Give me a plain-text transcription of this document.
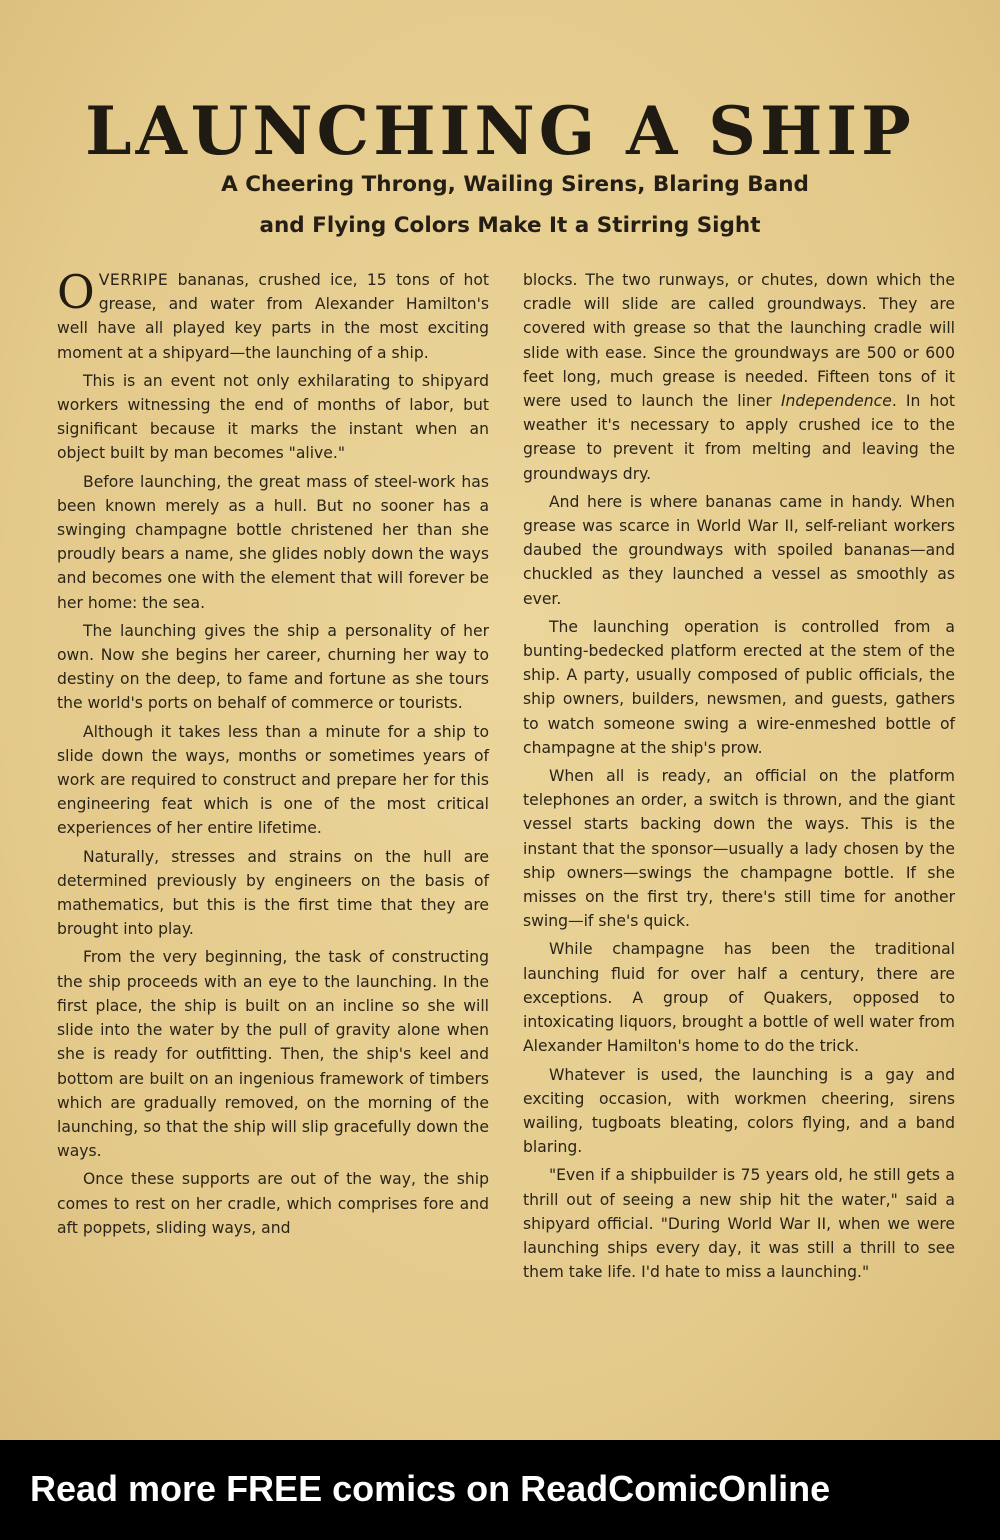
LAUNCHING A SHIP
A Cheering Throng, Wailing Sirens, Blaring Band
and Flying Colors Make It a Stirring Sight

OVERRIPE bananas, crushed ice, 15 tons of hot grease, and water from Alexander Hamilton's well have all played key parts in the most exciting moment at a shipyard—the launching of a ship.

This is an event not only exhilarating to shipyard workers witnessing the end of months of labor, but significant because it marks the instant when an object built by man becomes "alive."

Before launching, the great mass of steel-work has been known merely as a hull. But no sooner has a swinging champagne bottle christened her than she proudly bears a name, she glides nobly down the ways and becomes one with the element that will forever be her home: the sea.

The launching gives the ship a personality of her own. Now she begins her career, churning her way to destiny on the deep, to fame and fortune as she tours the world's ports on behalf of commerce or tourists.

Although it takes less than a minute for a ship to slide down the ways, months or sometimes years of work are required to construct and prepare her for this engineering feat which is one of the most critical experiences of her entire lifetime.

Naturally, stresses and strains on the hull are determined previously by engineers on the basis of mathematics, but this is the first time that they are brought into play.

From the very beginning, the task of constructing the ship proceeds with an eye to the launching. In the first place, the ship is built on an incline so she will slide into the water by the pull of gravity alone when she is ready for outfitting. Then, the ship's keel and bottom are built on an ingenious framework of timbers which are gradually removed, on the morning of the launching, so that the ship will slip gracefully down the ways.

Once these supports are out of the way, the ship comes to rest on her cradle, which comprises fore and aft poppets, sliding ways, and

blocks. The two runways, or chutes, down which the cradle will slide are called groundways. They are covered with grease so that the launching cradle will slide with ease. Since the groundways are 500 or 600 feet long, much grease is needed. Fifteen tons of it were used to launch the liner Independence. In hot weather it's necessary to apply crushed ice to the grease to prevent it from melting and leaving the groundways dry.

And here is where bananas came in handy. When grease was scarce in World War II, self-reliant workers daubed the groundways with spoiled bananas—and chuckled as they launched a vessel as smoothly as ever.

The launching operation is controlled from a bunting-bedecked platform erected at the stem of the ship. A party, usually composed of public officials, the ship owners, builders, newsmen, and guests, gathers to watch someone swing a wire-enmeshed bottle of champagne at the ship's prow.

When all is ready, an official on the platform telephones an order, a switch is thrown, and the giant vessel starts backing down the ways. This is the instant that the sponsor—usually a lady chosen by the ship owners—swings the champagne bottle. If she misses on the first try, there's still time for another swing—if she's quick.

While champagne has been the traditional launching fluid for over half a century, there are exceptions. A group of Quakers, opposed to intoxicating liquors, brought a bottle of well water from Alexander Hamilton's home to do the trick.

Whatever is used, the launching is a gay and exciting occasion, with workmen cheering, sirens wailing, tugboats bleating, colors flying, and a band blaring.

"Even if a shipbuilder is 75 years old, he still gets a thrill out of seeing a new ship hit the water," said a shipyard official. "During World War II, when we were launching ships every day, it was still a thrill to see them take life. I'd hate to miss a launching."

Read more FREE comics on ReadComicOnline
